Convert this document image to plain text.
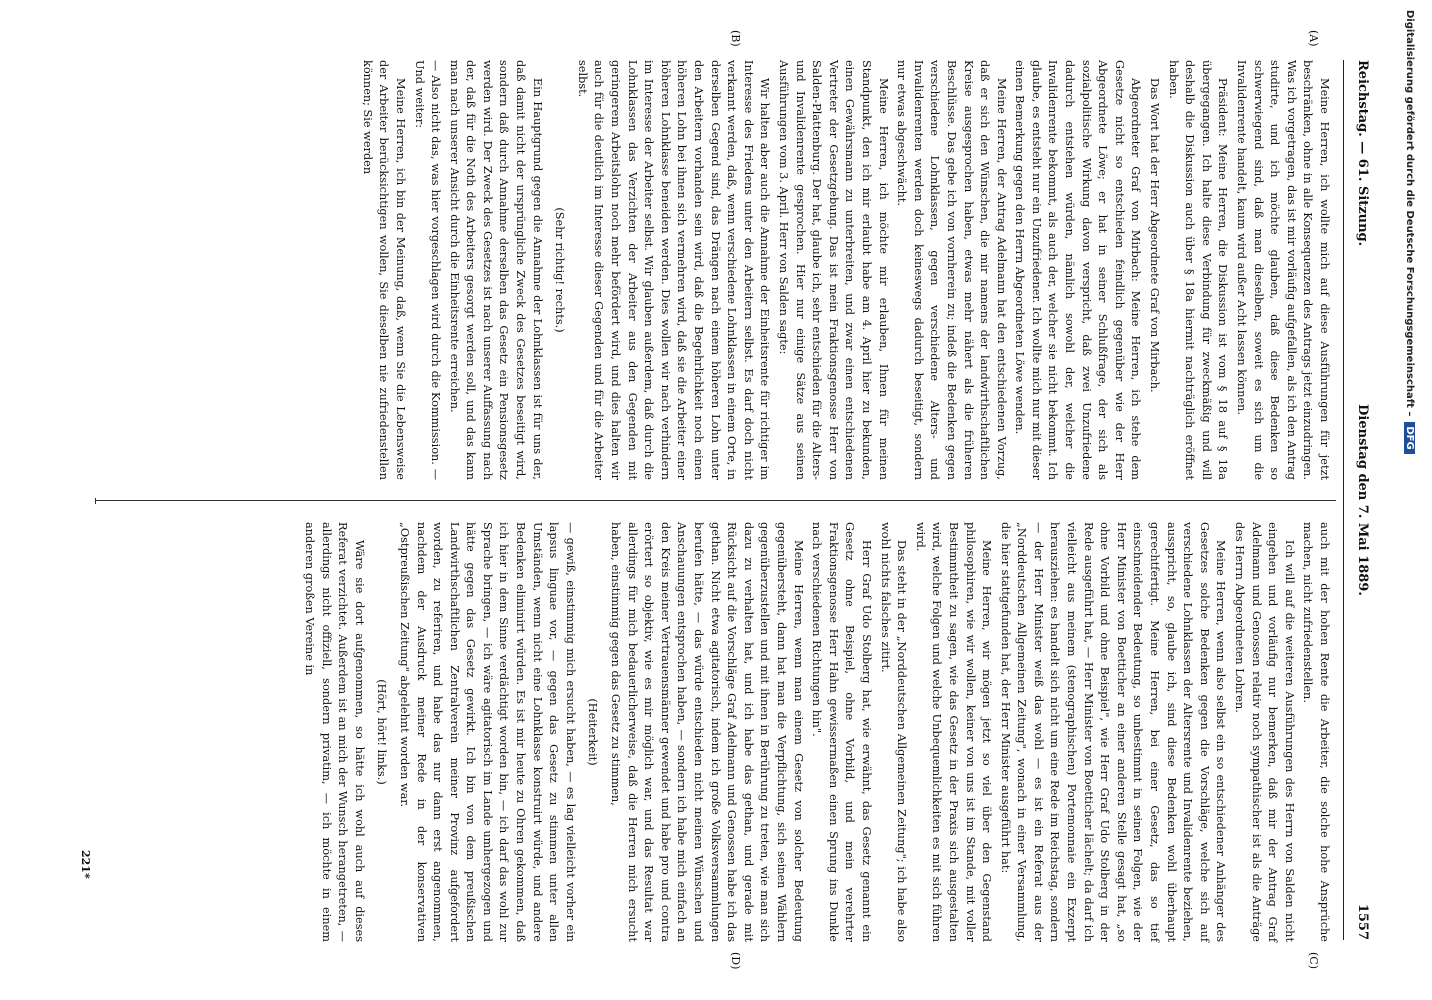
Reichstag. — 61. Sitzung.
Dienstag den 7. Mai 1889.
1557
(A)
(B)
(C)
(D)

Meine Herren, ich wollte mich auf diese Ausführungen für jetzt beschränken, ohne in alle Konsequenzen des Antrags jetzt einzudringen. Was ich vorgetragen, das ist mir vorläufig aufgefallen, als ich den Antrag studirte, und ich möchte glauben, daß diese Bedenken so schwerwiegend sind, daß man dieselben, soweit es sich um die Invalidenrente handelt, kaum wird außer Acht lassen können.

Präsident: Meine Herren, die Diskussion ist vom § 18 auf § 18a übergegangen. Ich halte diese Verbindung für zweckmäßig und will deshalb die Diskussion auch über § 18a hiermit nachträglich eröffnet haben.

Das Wort hat der Herr Abgeordnete Graf von Mirbach.

Abgeordneter Graf von Mirbach: Meine Herren, ich stehe dem Gesetze nicht so entschieden feindlich gegenüber wie der Herr Abgeordnete Löwe; er hat in seiner Schlußfrage, der sich als sozialpolitische Wirkung davon verspricht, daß zwei Unzufriedene dadurch entstehen würden, nämlich sowohl der, welcher die Invalidenrente bekommt, als auch der, welcher sie nicht bekommt. Ich glaube, es entsteht nur ein Unzufriedener. Ich wollte mich nur mit dieser einen Bemerkung gegen den Herrn Abgeordneten Löwe wenden.

Meine Herren, der Antrag Adelmann hat den entschiedenen Vorzug, daß er sich den Wünschen, die mir namens der landwirthschaftlichen Kreise ausgesprochen haben, etwas mehr nähert als die früheren Beschlüsse. Das gebe ich von vornherein zu; indeß die Bedenken gegen verschiedene Lohnklassen, gegen verschiedene Alters- und Invalidenrenten werden doch keineswegs dadurch beseitigt, sondern nur etwas abgeschwächt.

Meine Herren, ich möchte mir erlauben, Ihnen für meinen Standpunkt, den ich mir erlaubt habe am 4. April hier zu bekunden, einen Gewährsmann zu unterbreiten, und zwar einen entschiedenen Vertreter der Gesetzgebung. Das ist mein Fraktionsgenosse Herr von Salden-Plattenburg. Der hat, glaube ich, sehr entschieden für die Alters- und Invalidenrente gesprochen. Hier nur einige Sätze aus seinen Ausführungen vom 3. April. Herr von Salden sagte:

Wir halten aber auch die Annahme der Einheitsrente für richtiger im Interesse des Friedens unter den Arbeitern selbst. Es darf doch nicht verkannt werden, daß, wenn verschiedene Lohnklassen in einem Orte, in derselben Gegend sind, das Drängen nach einem höheren Lohn unter den Arbeitern vorhanden sein wird, daß die Begehrlichkeit noch einen höheren Lohn bei ihnen sich vermehren wird, daß sie die Arbeiter einer höheren Lohnklasse beneiden werden. Dies wollen wir nach verhindern im Interesse der Arbeiter selbst. Wir glauben außerdem, daß durch die Lohnklassen das Verzichten der Arbeiter aus den Gegenden mit geringerem Arbeitslohn noch mehr befördert wird, und dies halten wir auch für die deutlich im Interesse dieser Gegenden und für die Arbeiter selbst.

(Sehr richtig! rechts.)

Ein Hauptgrund gegen die Annahme der Lohnklassen ist für uns der, daß damit nicht der ursprüngliche Zweck des Gesetzes beseitigt wird, sondern daß durch Annahme derselben das Gesetz ein Pensionsgesetz werden wird. Der Zweck des Gesetzes ist nach unserer Auffassung nach der, daß für die Noth des Arbeiters gesorgt werden soll, und das kann man nach unserer Ansicht durch die Einheitsrente erreichen.

— Also nicht das, was hier vorgeschlagen wird durch die Kommission. — Und weiter:

Meine Herren, ich bin der Meinung, daß, wenn Sie die Lebensweise der Arbeiter berücksichtigen wollen, Sie dieselben nie zufriedenstellen können; Sie werden

auch mit der hohen Rente die Arbeiter, die solche hohe Ansprüche machen, nicht zufriedenstellen.

Ich will auf die weiteren Ausführungen des Herrn von Salden nicht eingehen und vorläufig nur bemerken, daß mir der Antrag Graf Adelmann und Genossen relativ noch sympathischer ist als die Anträge des Herrn Abgeordneten Lohren.

Meine Herren, wenn also selbst ein so entschiedener Anhänger des Gesetzes solche Bedenken gegen die Vorschläge, welche sich auf verschiedene Lohnklassen der Altersrente und Invalidenrente beziehen, ausspricht, so, glaube ich, sind diese Bedenken wohl überhaupt gerechtfertigt. Meine Herren, bei einer Gesetz, das so tief einschneidender Bedeutung, so unbestimmt in seinen Folgen, wie der Herr Minister von Boetticher an einer anderen Stelle gesagt hat, „so ohne Vorbild und ohne Beispiel", wie Herr Graf Udo Stolberg in der Rede ausgeführt hat, — Herr Minister von Boetticher lächelt; da darf ich vielleicht aus meinem (stenographischen) Portemonnaie ein Exzerpt herausziehen: es handelt sich nicht um eine Rede im Reichstag, sondern — der Herr Minister weiß das wohl — es ist ein Referat aus der „Norddeutschen Allgemeinen Zeitung", wonach in einer Versammlung, die hier stattgefunden hat, der Herr Minister ausgeführt hat:

Meine Herren, wir mögen jetzt so viel über den Gegenstand philosophiren, wie wir wollen, keiner von uns ist im Stande, mit voller Bestimmtheit zu sagen, wie das Gesetz in der Praxis sich ausgestalten wird, welche Folgen und welche Unbequemlichkeiten es mit sich führen wird.

Das steht in der „Norddeutschen Allgemeinen Zeitung"; ich habe also wohl nichts falsches zitirt.

Herr Graf Udo Stolberg hat, wie erwähnt, das Gesetz genannt ein Gesetz ohne Beispiel, ohne Vorbild, und mein verehrter Fraktionsgenosse Herr Hahn gewissermaßen einen Sprung ins Dunkle nach verschiedenen Richtungen hin".

Meine Herren, wenn man einem Gesetz von solcher Bedeutung gegenübersteht, dann hat man die Verpflichtung, sich seinen Wählern gegenüberzustellen und mit ihnen in Berührung zu treten, wie man sich dazu zu verhalten hat, und ich habe das gethan, und gerade mit Rücksicht auf die Vorschläge Graf Adelmann und Genossen habe ich das gethan. Nicht etwa agitatorisch, indem ich große Volksversammlungen berufen hätte, — das würde entschieden nicht meinen Wünschen und Anschauungen entsprochen haben, — sondern ich habe mich einfach an den Kreis meiner Vertrauensmänner gewendet und habe pro und contra erörtert so objektiv, wie es mir möglich war, und das Resultat war allerdings für mich bedauerlicherweise, daß die Herren mich ersucht haben, einstimmig gegen das Gesetz zu stimmen,

(Heiterkeit)

— gewiß, einstimmig mich ersucht haben, — es lag vielleicht vorher ein lapsus linguae vor, — gegen das Gesetz zu stimmen unter allen Umständen, wenn nicht eine Lohnklasse konstruirt würde, und andere Bedenken eliminirt würden. Es ist mir heute zu Ohren gekommen, daß ich hier in dem Sinne verdächtigt worden bin, — ich darf das wohl zur Sprache bringen, — ich wäre agitatorisch im Lande umhergezogen und hätte gegen das Gesetz gewirkt. Ich bin von dem preußischen Landwirthschaftlichen Zentralverein meiner Provinz aufgefordert worden, zu referiren, und habe das nur dann erst angenommen, nachdem der Ausdruck meiner Rede in der konservativen „Ostpreußischen Zeitung" abgelehnt worden war.

(Hört, hört! links.)

Wäre sie dort aufgenommen, so hätte ich wohl auch auf dieses Referat verzichtet. Außerdem ist an mich der Wunsch herangetreten, — allerdings nicht offiziell, sondern privatim, — ich möchte in einem anderen großen Vereine in

221*
Digitalisierung gefördert durch die Deutsche Forschungsgemeinschaft –DFG
